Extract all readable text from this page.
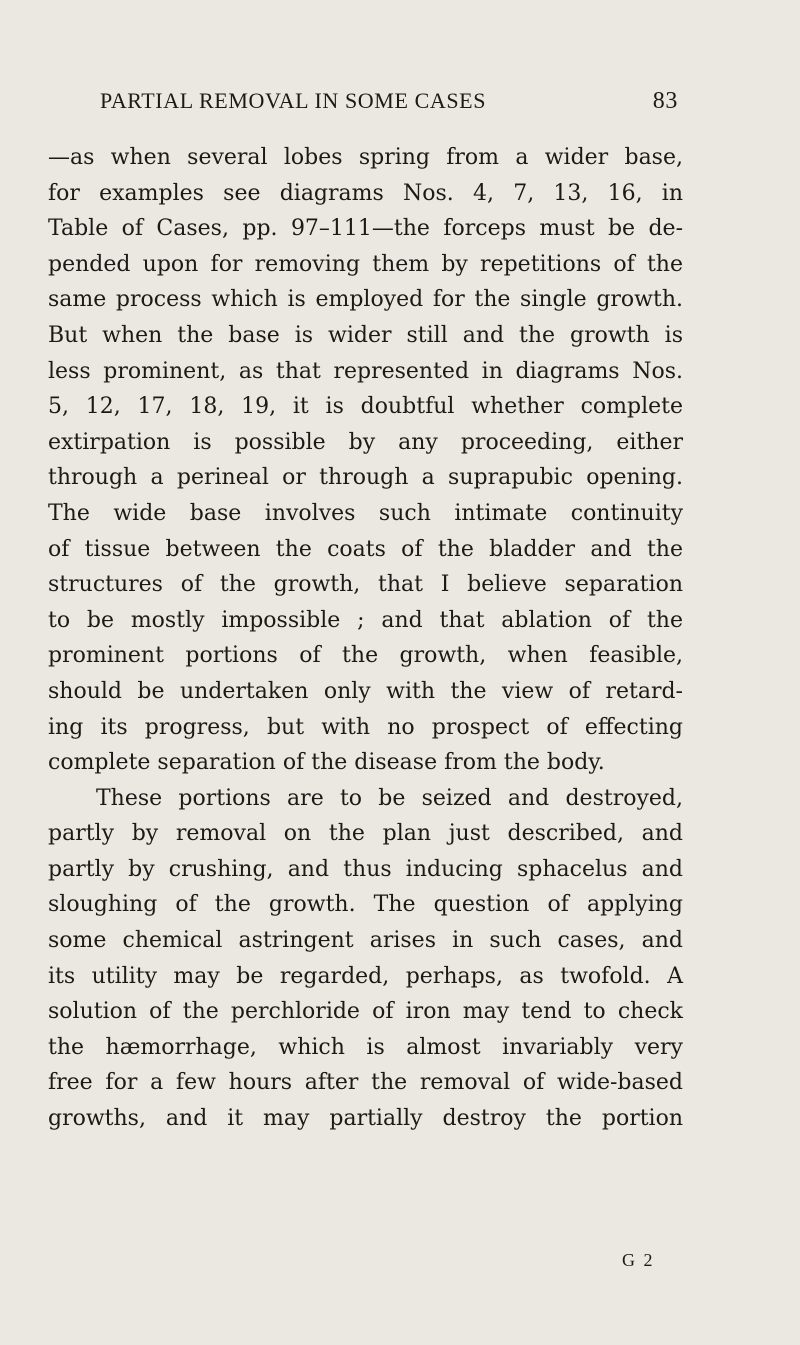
PARTIAL REMOVAL IN SOME CASES	83
—as when several lobes spring from a wider base,
for examples see diagrams Nos. 4, 7, 13, 16, in
Table of Cases, pp. 97–111—the forceps must be de-
pended upon for removing them by repetitions of the
same process which is employed for the single growth.
But when the base is wider still and the growth is
less prominent, as that represented in diagrams Nos.
5, 12, 17, 18, 19, it is doubtful whether complete
extirpation is possible by any proceeding, either
through a perineal or through a suprapubic opening.
The wide base involves such intimate continuity
of tissue between the coats of the bladder and the
structures of the growth, that I believe separation
to be mostly impossible ; and that ablation of the
prominent portions of the growth, when feasible,
should be undertaken only with the view of retard-
ing its progress, but with no prospect of effecting
complete separation of the disease from the body.
These portions are to be seized and destroyed,
partly by removal on the plan just described, and
partly by crushing, and thus inducing sphacelus and
sloughing of the growth. The question of applying
some chemical astringent arises in such cases, and
its utility may be regarded, perhaps, as twofold. A
solution of the perchloride of iron may tend to check
the hæmorrhage, which is almost invariably very
free for a few hours after the removal of wide-based
growths, and it may partially destroy the portion
G 2
